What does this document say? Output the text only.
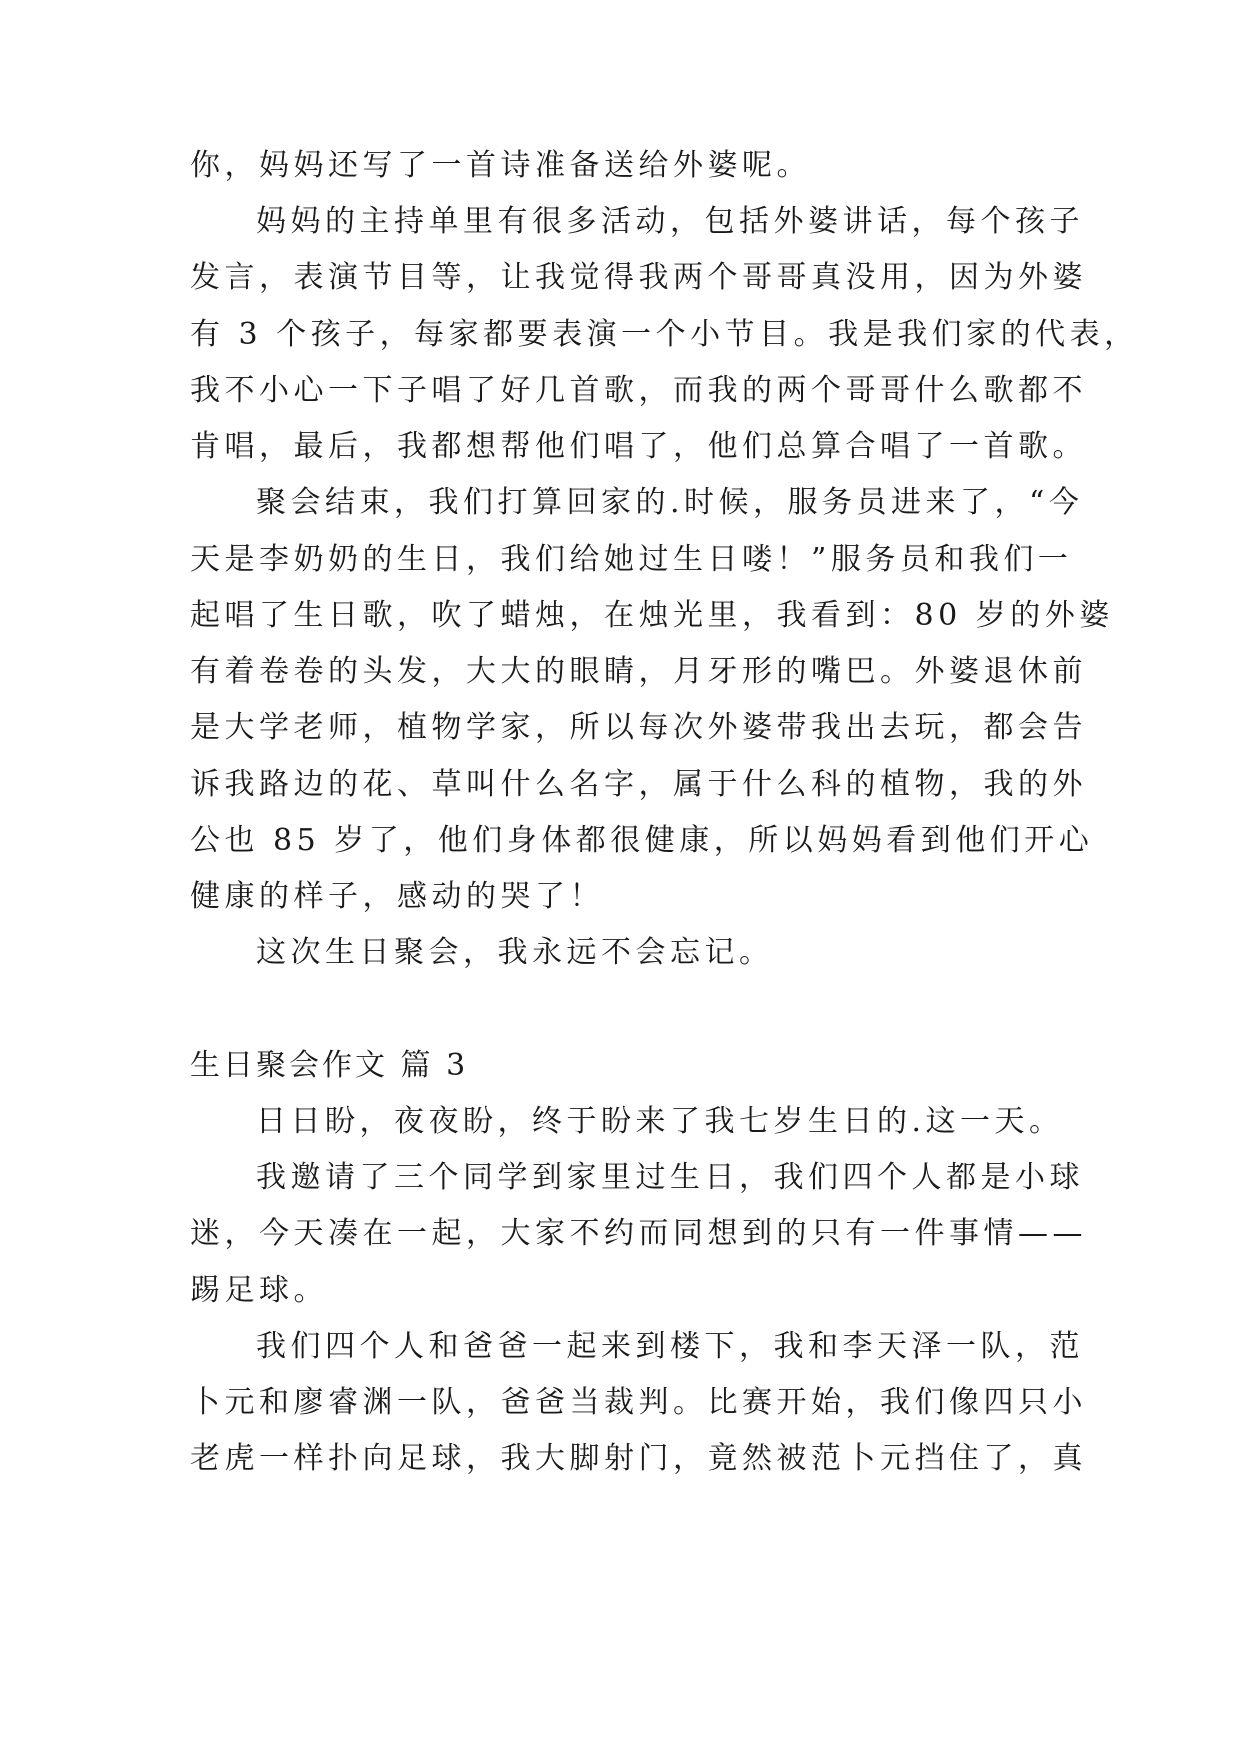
你，妈妈还写了一首诗准备送给外婆呢。
妈妈的主持单里有很多活动，包括外婆讲话，每个孩子
发言，表演节目等，让我觉得我两个哥哥真没用，因为外婆
有 3 个孩子，每家都要表演一个小节目。我是我们家的代表，
我不小心一下子唱了好几首歌，而我的两个哥哥什么歌都不
肯唱，最后，我都想帮他们唱了，他们总算合唱了一首歌。
聚会结束，我们打算回家的.时候，服务员进来了，“今
天是李奶奶的生日，我们给她过生日喽！”服务员和我们一
起唱了生日歌，吹了蜡烛，在烛光里，我看到：80 岁的外婆
有着卷卷的头发，大大的眼睛，月牙形的嘴巴。外婆退休前
是大学老师，植物学家，所以每次外婆带我出去玩，都会告
诉我路边的花、草叫什么名字，属于什么科的植物，我的外
公也 85 岁了，他们身体都很健康，所以妈妈看到他们开心
健康的样子，感动的哭了！
这次生日聚会，我永远不会忘记。
生日聚会作文 篇 3
日日盼，夜夜盼，终于盼来了我七岁生日的.这一天。
我邀请了三个同学到家里过生日，我们四个人都是小球
迷，今天凑在一起，大家不约而同想到的只有一件事情——
踢足球。
我们四个人和爸爸一起来到楼下，我和李天泽一队，范
卜元和廖睿渊一队，爸爸当裁判。比赛开始，我们像四只小
老虎一样扑向足球，我大脚射门，竟然被范卜元挡住了，真
